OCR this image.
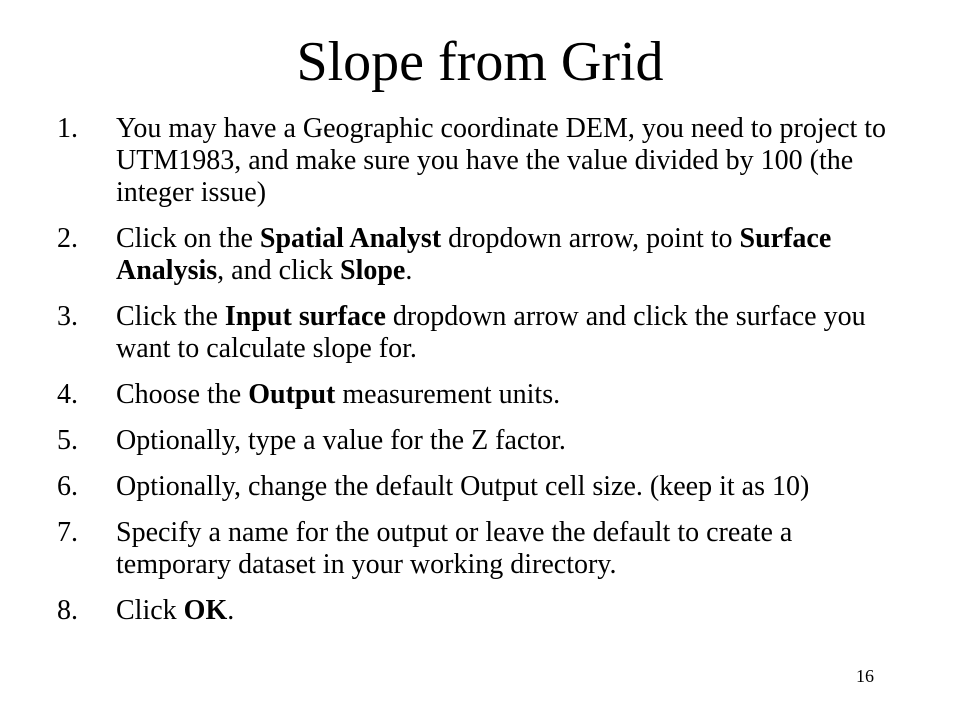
Slope from Grid
1. You may have a Geographic coordinate DEM, you need to project to UTM1983, and make sure you have the value divided by 100 (the integer issue)
2. Click on the Spatial Analyst dropdown arrow, point to Surface Analysis, and click Slope.
3. Click the Input surface dropdown arrow and click the surface you want to calculate slope for.
4. Choose the Output measurement units.
5. Optionally, type a value for the Z factor.
6. Optionally, change the default Output cell size. (keep it as 10)
7. Specify a name for the output or leave the default to create a temporary dataset in your working directory.
8. Click OK.
16
